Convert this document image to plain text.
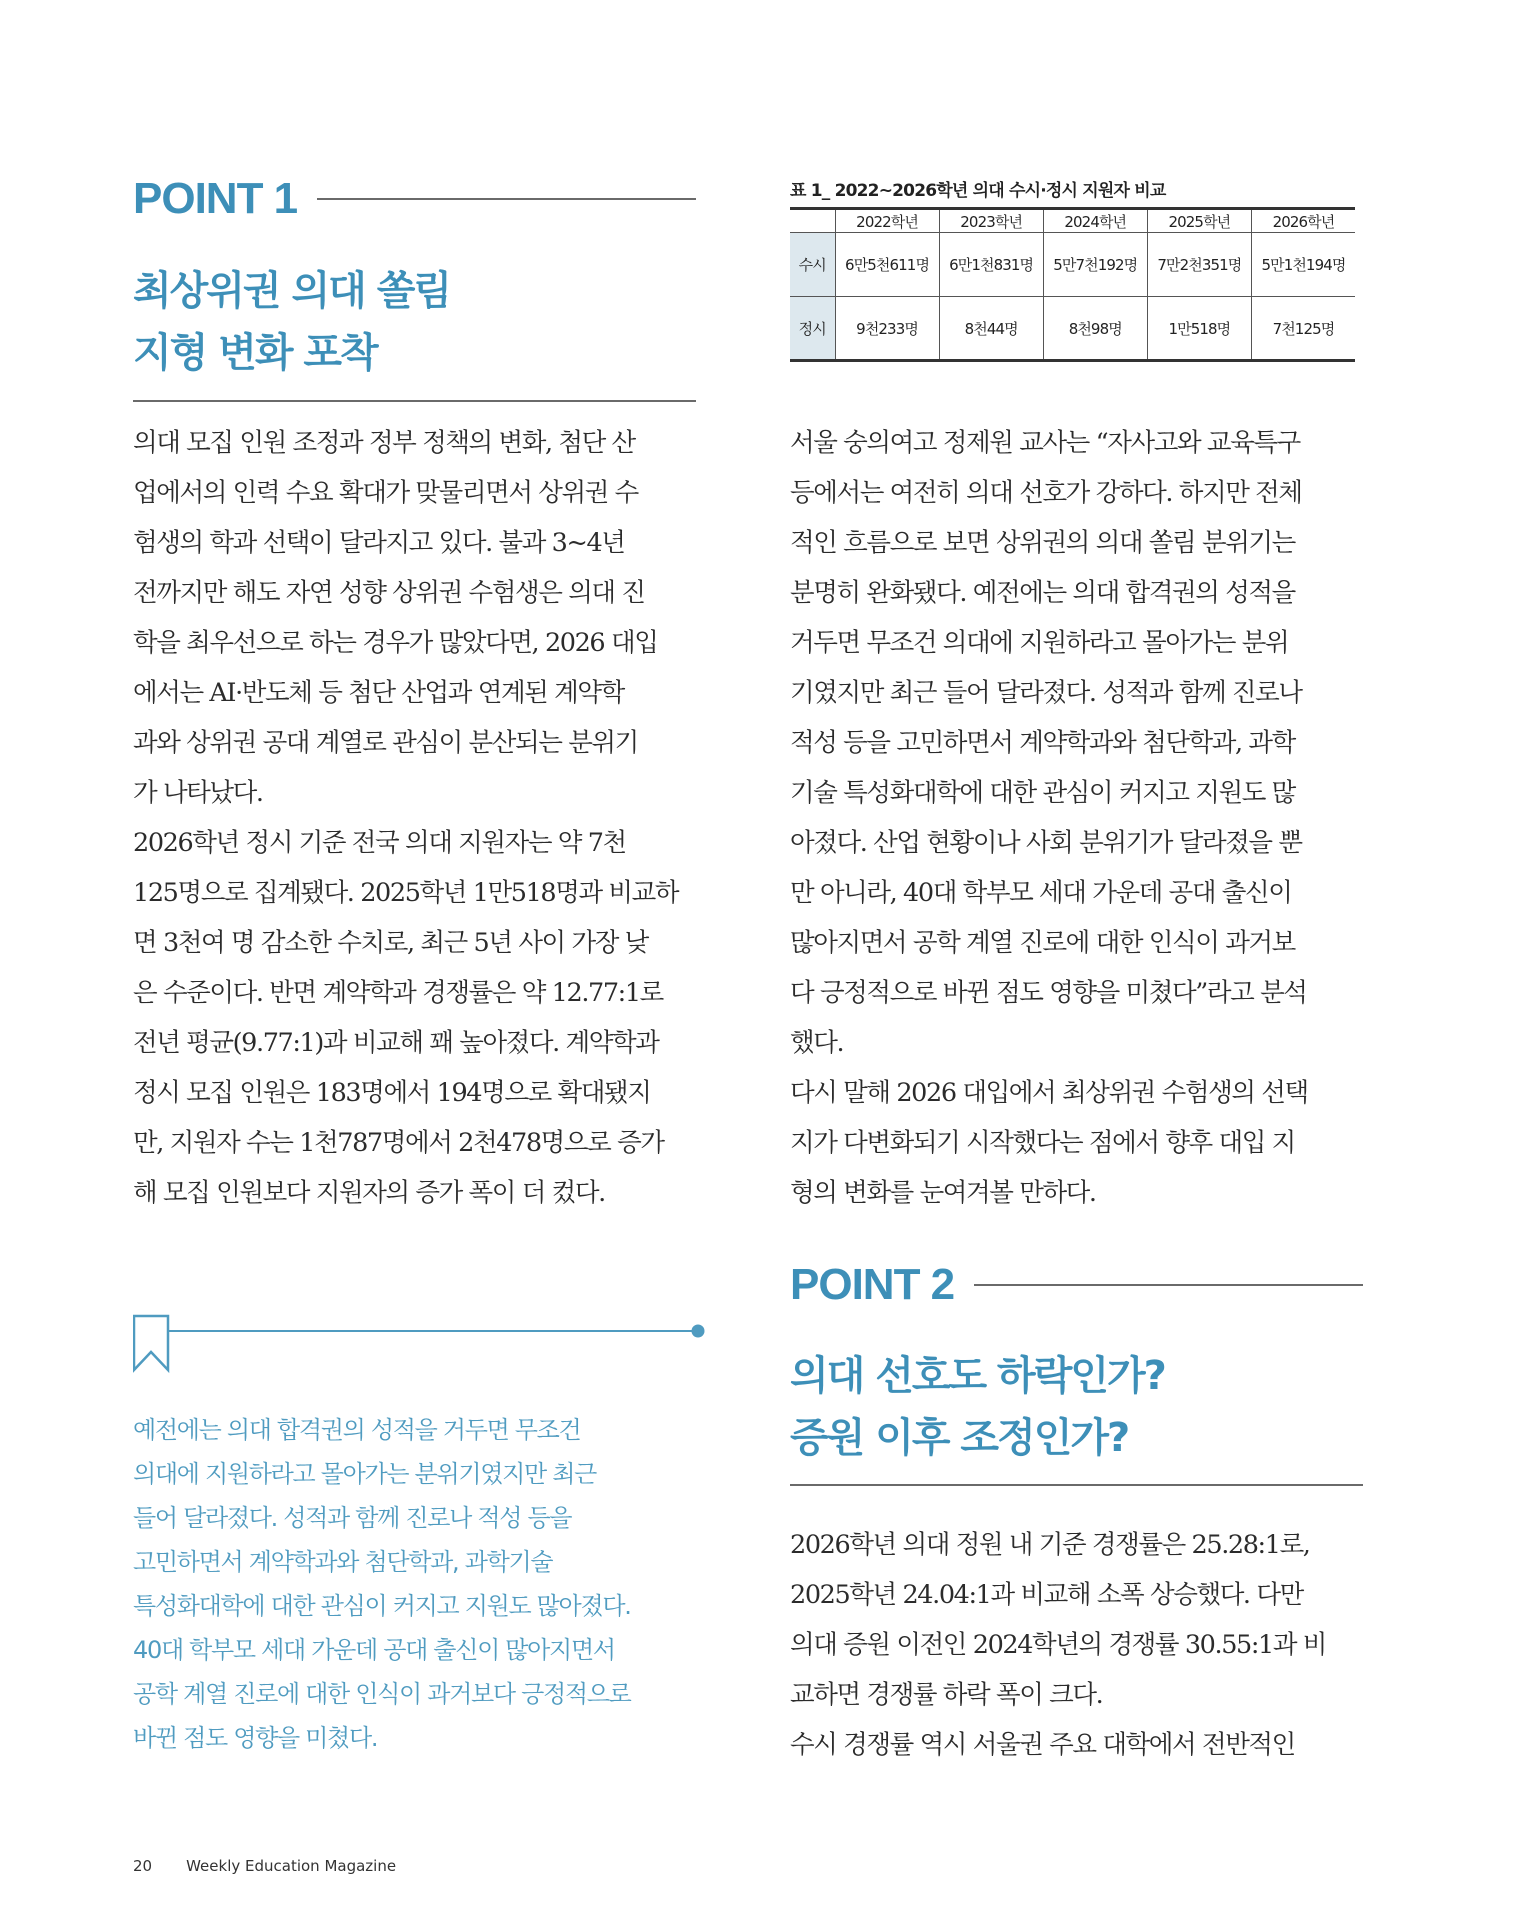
POINT 1
최상위권 의대 쏠림
지형 변화 포착
의대 모집 인원 조정과 정부 정책의 변화, 첨단 산
업에서의 인력 수요 확대가 맞물리면서 상위권 수
험생의 학과 선택이 달라지고 있다. 불과 3~4년
전까지만 해도 자연 성향 상위권 수험생은 의대 진
학을 최우선으로 하는 경우가 많았다면, 2026 대입
에서는 AI·반도체 등 첨단 산업과 연계된 계약학
과와 상위권 공대 계열로 관심이 분산되는 분위기
가 나타났다.
2026학년 정시 기준 전국 의대 지원자는 약 7천
125명으로 집계됐다. 2025학년 1만518명과 비교하
면 3천여 명 감소한 수치로, 최근 5년 사이 가장 낮
은 수준이다. 반면 계약학과 경쟁률은 약 12.77:1로
전년 평균(9.77:1)과 비교해 꽤 높아졌다. 계약학과
정시 모집 인원은 183명에서 194명으로 확대됐지
만, 지원자 수는 1천787명에서 2천478명으로 증가
해 모집 인원보다 지원자의 증가 폭이 더 컸다.
예전에는 의대 합격권의 성적을 거두면 무조건
의대에 지원하라고 몰아가는 분위기였지만 최근
들어 달라졌다. 성적과 함께 진로나 적성 등을
고민하면서 계약학과와 첨단학과, 과학기술
특성화대학에 대한 관심이 커지고 지원도 많아졌다.
40대 학부모 세대 가운데 공대 출신이 많아지면서
공학 계열 진로에 대한 인식이 과거보다 긍정적으로
바뀐 점도 영향을 미쳤다.
표 1_ 2022~2026학년 의대 수시·정시 지원자 비교
	2022학년	2023학년	2024학년	2025학년	2026학년
수시	6만5천611명	6만1천831명	5만7천192명	7만2천351명	5만1천194명
정시	9천233명	8천44명	8천98명	1만518명	7천125명
서울 숭의여고 정제원 교사는 “자사고와 교육특구
등에서는 여전히 의대 선호가 강하다. 하지만 전체
적인 흐름으로 보면 상위권의 의대 쏠림 분위기는
분명히 완화됐다. 예전에는 의대 합격권의 성적을
거두면 무조건 의대에 지원하라고 몰아가는 분위
기였지만 최근 들어 달라졌다. 성적과 함께 진로나
적성 등을 고민하면서 계약학과와 첨단학과, 과학
기술 특성화대학에 대한 관심이 커지고 지원도 많
아졌다. 산업 현황이나 사회 분위기가 달라졌을 뿐
만 아니라, 40대 학부모 세대 가운데 공대 출신이
많아지면서 공학 계열 진로에 대한 인식이 과거보
다 긍정적으로 바뀐 점도 영향을 미쳤다”라고 분석
했다.
다시 말해 2026 대입에서 최상위권 수험생의 선택
지가 다변화되기 시작했다는 점에서 향후 대입 지
형의 변화를 눈여겨볼 만하다.
POINT 2
의대 선호도 하락인가?
증원 이후 조정인가?
2026학년 의대 정원 내 기준 경쟁률은 25.28:1로,
2025학년 24.04:1과 비교해 소폭 상승했다. 다만
의대 증원 이전인 2024학년의 경쟁률 30.55:1과 비
교하면 경쟁률 하락 폭이 크다.
수시 경쟁률 역시 서울권 주요 대학에서 전반적인
20 Weekly Education Magazine
